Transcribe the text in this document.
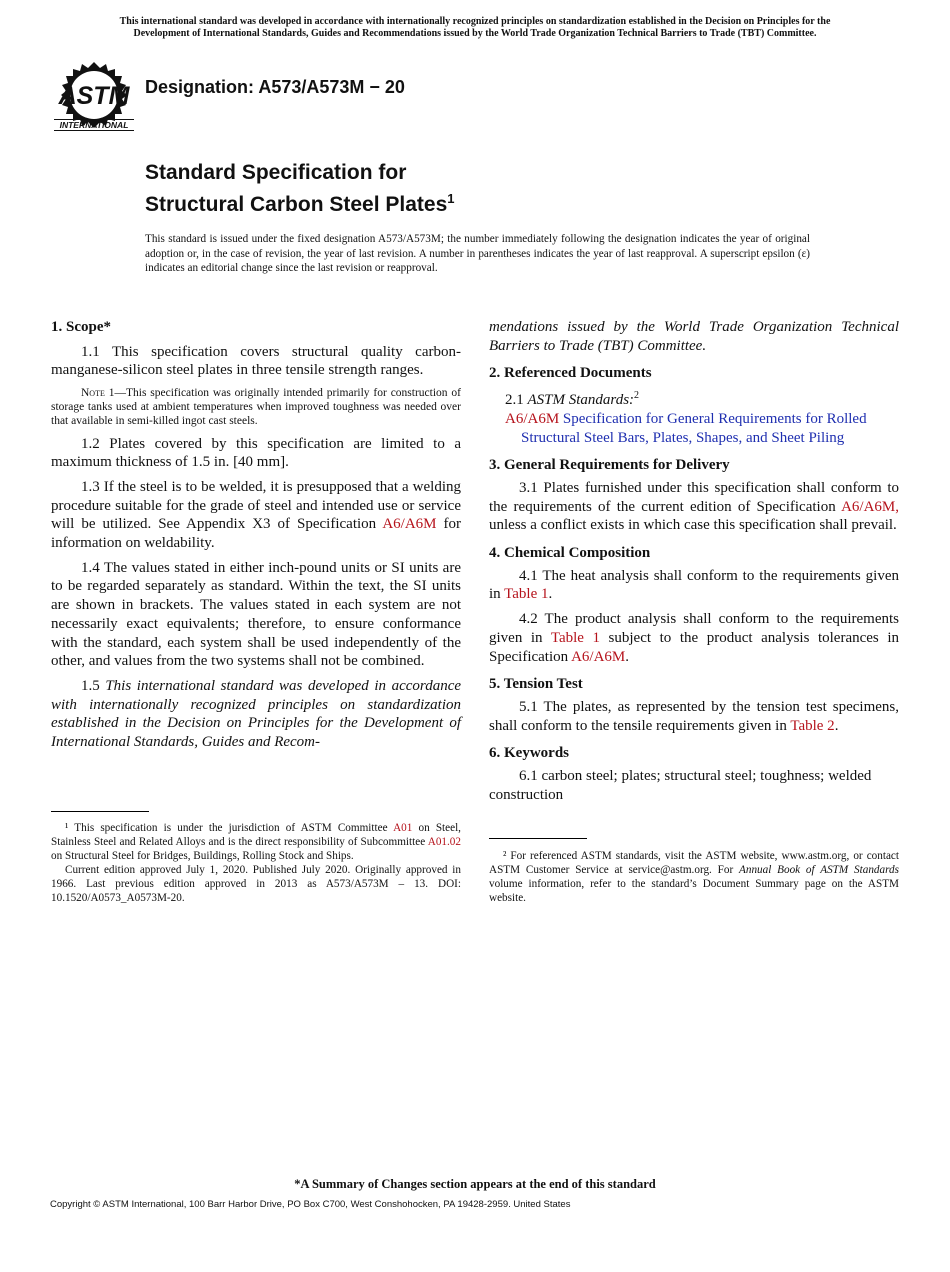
This international standard was developed in accordance with internationally recognized principles on standardization established in the Decision on Principles for the
Development of International Standards, Guides and Recommendations issued by the World Trade Organization Technical Barriers to Trade (TBT) Committee.
ASTM
INTERNATIONAL
Designation: A573/A573M − 20
Standard Specification for
Structural Carbon Steel Plates$^1$
This standard is issued under the fixed designation A573/A573M; the number immediately following the designation indicates the year of original adoption or, in the case of revision, the year of last revision. A number in parentheses indicates the year of last reapproval. A superscript epsilon (ε) indicates an editorial change since the last revision or reapproval.

1. Scope*

1.1 This specification covers structural quality carbon-manganese-silicon steel plates in three tensile strength ranges.

Note 1—This specification was originally intended primarily for construction of storage tanks used at ambient temperatures when improved toughness was needed over that available in semi-killed ingot cast steels.

1.2 Plates covered by this specification are limited to a maximum thickness of 1.5 in. [40 mm].

1.3 If the steel is to be welded, it is presupposed that a welding procedure suitable for the grade of steel and intended use or service will be utilized. See Appendix X3 of Specification A6/A6M for information on weldability.

1.4 The values stated in either inch-pound units or SI units are to be regarded separately as standard. Within the text, the SI units are shown in brackets. The values stated in each system are not necessarily exact equivalents; therefore, to ensure conformance with the standard, each system shall be used independently of the other, and values from the two systems shall not be combined.

1.5 This international standard was developed in accordance with internationally recognized principles on standardization established in the Decision on Principles for the Development of International Standards, Guides and Recom-

¹ This specification is under the jurisdiction of ASTM Committee A01 on Steel, Stainless Steel and Related Alloys and is the direct responsibility of Subcommittee A01.02 on Structural Steel for Bridges, Buildings, Rolling Stock and Ships.
Current edition approved July 1, 2020. Published July 2020. Originally approved in 1966. Last previous edition approved in 2013 as A573/A573M – 13. DOI: 10.1520/A0573_A0573M-20.

mendations issued by the World Trade Organization Technical Barriers to Trade (TBT) Committee.

2. Referenced Documents

2.1 ASTM Standards:$^2$

A6/A6M Specification for General Requirements for Rolled Structural Steel Bars, Plates, Shapes, and Sheet Piling

3. General Requirements for Delivery

3.1 Plates furnished under this specification shall conform to the requirements of the current edition of Specification A6/A6M, unless a conflict exists in which case this specification shall prevail.

4. Chemical Composition

4.1 The heat analysis shall conform to the requirements given in Table 1.

4.2 The product analysis shall conform to the requirements given in Table 1 subject to the product analysis tolerances in Specification A6/A6M.

5. Tension Test

5.1 The plates, as represented by the tension test specimens, shall conform to the tensile requirements given in Table 2.

6. Keywords

6.1 carbon steel; plates; structural steel; toughness; welded construction

² For referenced ASTM standards, visit the ASTM website, www.astm.org, or contact ASTM Customer Service at service@astm.org. For Annual Book of ASTM Standards volume information, refer to the standard’s Document Summary page on the ASTM website.
*A Summary of Changes section appears at the end of this standard
Copyright © ASTM International, 100 Barr Harbor Drive, PO Box C700, West Conshohocken, PA 19428-2959. United States
